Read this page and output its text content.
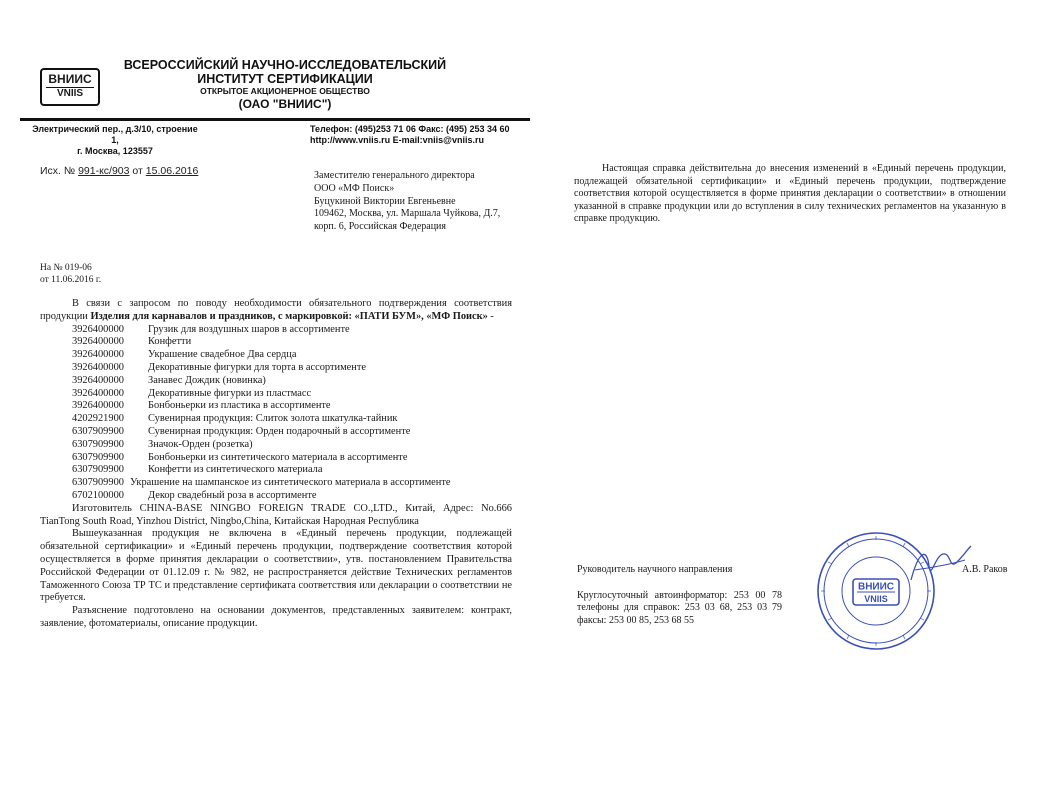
ВНИИС
VNIIS
ВСЕРОССИЙСКИЙ НАУЧНО-ИССЛЕДОВАТЕЛЬСКИЙ
ИНСТИТУТ СЕРТИФИКАЦИИ
ОТКРЫТОЕ АКЦИОНЕРНОЕ ОБЩЕСТВО
(ОАО "ВНИИС")
Электрический пер., д.3/10, строение 1,
г. Москва, 123557
Телефон: (495)253 71 06 Факс: (495) 253 34 60
http://www.vniis.ru E-mail:vniis@vniis.ru
Исх. № 991-кс/903 от 15.06.2016	Заместителю генерального директора
ООО «МФ Поиск»
Буцукиной Виктории Евгеньевне
109462, Москва, ул. Маршала Чуйкова, Д.7,
корп. 6, Российская Федерация
На № 019-06
от 11.06.2016 г.

В связи с запросом по поводу необходимости обязательного подтверждения соответствия продукции Изделия для карнавалов и праздников, с маркировкой: «ПАТИ БУМ», «МФ Поиск» -

3926400000	Грузик для воздушных шаров в ассортименте
3926400000	Конфетти
3926400000	Украшение свадебное Два сердца
3926400000	Декоративные фигурки для торта в ассортименте
3926400000	Занавес Дождик (новинка)
3926400000	Декоративные фигурки из пластмасс
3926400000	Бонбоньерки из пластика в ассортименте
4202921900	Сувенирная продукция: Слиток золота шкатулка-тайник
6307909900	Сувенирная продукция: Орден подарочный в ассортименте
6307909900	Значок-Орден (розетка)
6307909900	Бонбоньерки из синтетического материала в ассортименте
6307909900	Конфетти из синтетического материала

6307909900 Украшение на шампанское из синтетического материала в ассортименте

6702100000	Декор свадебный роза в ассортименте

Изготовитель CHINA-BASE NINGBO FOREIGN TRADE CO.,LTD., Китай, Адрес: No.666 TianTong South Road, Yinzhou District, Ningbo,China, Китайская Народная Республика

Вышеуказанная продукция не включена в «Единый перечень продукции, подлежащей обязательной сертификации» и «Единый перечень продукции, подтверждение соответствия которой осуществляется в форме принятия декларации о соответствии», утв. постановлением Правительства Российской Федерации от 01.12.09 г. № 982, не распространяется действие Технических регламентов Таможенного Союза ТР ТС и представление сертификата соответствия или декларации о соответствии не требуется.

Разъяснение подготовлено на основании документов, представленных заявителем: контракт, заявление, фотоматериалы, описание продукции.

Настоящая справка действительна до внесения изменений в «Единый перечень продукции, подлежащей обязательной сертификации» и «Единый перечень продукции, подтверждение соответствия которой осуществляется в форме принятия декларации о соответствии» в отношении указанной в справке продукции или до вступления в силу технических регламентов на указанную в справке продукцию.
Руководитель научного направления	А.В. Раков

Круглосуточный автоинформатор: 253 00 78

телефоны для справок: 253 03 68, 253 03 79

факсы: 253 00 85, 253 68 55

ВНИИС
VNIIS
